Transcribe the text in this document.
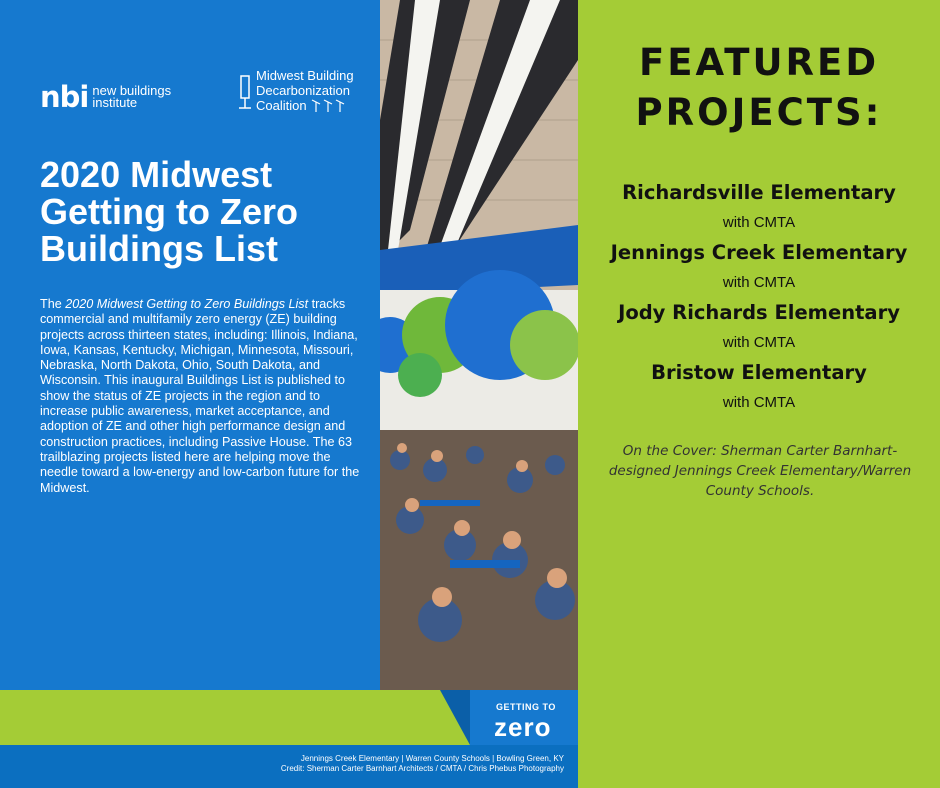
nbi new buildings
institute
Midwest Building
Decarbonization
Coalition
2020 Midwest
Getting to Zero
Buildings List
The 2020 Midwest Getting to Zero Buildings List tracks commercial and multifamily zero energy (ZE) building projects across thirteen states, including: Illinois, Indiana, Iowa, Kansas, Kentucky, Michigan, Minnesota, Missouri, Nebraska, North Dakota, Ohio, South Dakota, and Wisconsin. This inaugural Buildings List is published to show the status of ZE projects in the region and to increase public awareness, market acceptance, and adoption of ZE and other high performance design and construction practices, including Passive House. The 63 trailblazing projects listed here are helping move the needle toward a low-energy and low-carbon future for the Midwest.
GETTING TO
zero
Jennings Creek Elementary | Warren County Schools | Bowling Green, KY
Credit: Sherman Carter Barnhart Architects / CMTA / Chris Phebus Photography
FEATURED
PROJECTS:
Richardsville Elementary
with CMTA
Jennings Creek Elementary
with CMTA
Jody Richards Elementary
with CMTA
Bristow Elementary
with CMTA
On the Cover: Sherman Carter Barnhart-designed Jennings Creek Elementary/Warren County Schools.
